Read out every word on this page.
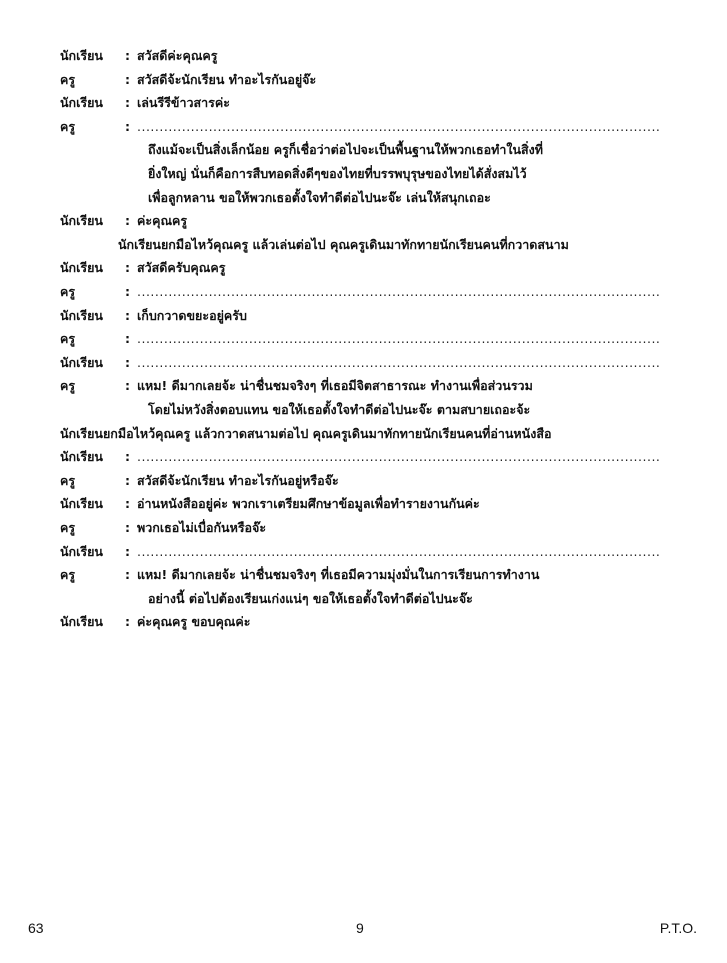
นักเรียน : สวัสดีค่ะคุณครู
ครู	: สวัสดีจ้ะนักเรียน ทำอะไรกันอยู่จ๊ะ
นักเรียน : เล่นรีรีข้าวสารค่ะ
ครู	: .....................................................................................................................
ถึงแม้จะเป็นสิ่งเล็กน้อย ครูก็เชื่อว่าต่อไปจะเป็นพื้นฐานให้พวกเธอทำในสิ่งที่
ยิ่งใหญ่ นั่นก็คือการสืบทอดสิ่งดีๆของไทยที่บรรพบุรุษของไทยได้สั่งสมไว้
เพื่อลูกหลาน ขอให้พวกเธอตั้งใจทำดีต่อไปนะจ๊ะ เล่นให้สนุกเถอะ
นักเรียน : ค่ะคุณครู
นักเรียนยกมือไหว้คุณครู แล้วเล่นต่อไป คุณครูเดินมาทักทายนักเรียนคนที่กวาดสนาม
นักเรียน : สวัสดีครับคุณครู
ครู	: .....................................................................................................................
นักเรียน : เก็บกวาดขยะอยู่ครับ
ครู	: .....................................................................................................................
นักเรียน : .....................................................................................................................
ครู	: แหม! ดีมากเลยจ้ะ น่าชื่นชมจริงๆ ที่เธอมีจิตสาธารณะ ทำงานเพื่อส่วนรวม
โดยไม่หวังสิ่งตอบแทน ขอให้เธอตั้งใจทำดีต่อไปนะจ๊ะ ตามสบายเถอะจ้ะ
นักเรียนยกมือไหว้คุณครู แล้วกวาดสนามต่อไป คุณครูเดินมาทักทายนักเรียนคนที่อ่านหนังสือ
นักเรียน : .....................................................................................................................
ครู	: สวัสดีจ้ะนักเรียน ทำอะไรกันอยู่หรือจ๊ะ
นักเรียน : อ่านหนังสืออยู่ค่ะ พวกเราเตรียมศึกษาข้อมูลเพื่อทำรายงานกันค่ะ
ครู	: พวกเธอไม่เบื่อกันหรือจ๊ะ
นักเรียน : .....................................................................................................................
ครู	: แหม! ดีมากเลยจ้ะ น่าชื่นชมจริงๆ ที่เธอมีความมุ่งมั่นในการเรียนการทำงาน
อย่างนี้ ต่อไปต้องเรียนเก่งแน่ๆ ขอให้เธอตั้งใจทำดีต่อไปนะจ๊ะ
นักเรียน : ค่ะคุณครู ขอบคุณค่ะ
63	9	P.T.O.
